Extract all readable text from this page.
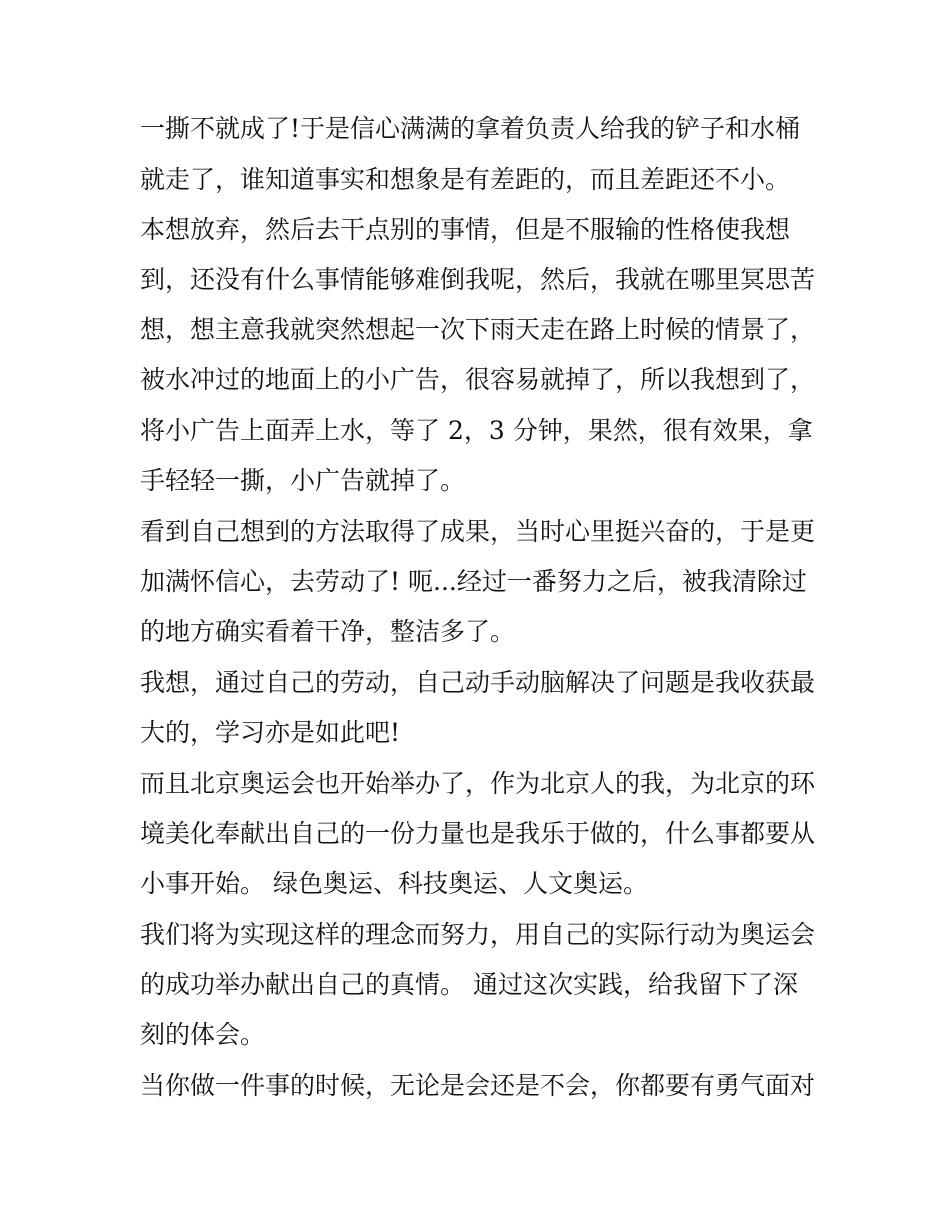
一撕不就成了!于是信心满满的拿着负责人给我的铲子和水桶
就走了，谁知道事实和想象是有差距的，而且差距还不小。
本想放弃，然后去干点别的事情，但是不服输的性格使我想
到，还没有什么事情能够难倒我呢，然后，我就在哪里冥思苦
想，想主意我就突然想起一次下雨天走在路上时候的情景了，
被水冲过的地面上的小广告，很容易就掉了，所以我想到了，
将小广告上面弄上水，等了 2，3 分钟，果然，很有效果，拿
手轻轻一撕，小广告就掉了。
看到自己想到的方法取得了成果，当时心里挺兴奋的，于是更
加满怀信心，去劳动了! 呃...经过一番努力之后，被我清除过
的地方确实看着干净，整洁多了。
我想，通过自己的劳动，自己动手动脑解决了问题是我收获最
大的，学习亦是如此吧!
而且北京奥运会也开始举办了，作为北京人的我，为北京的环
境美化奉献出自己的一份力量也是我乐于做的，什么事都要从
小事开始。 绿色奥运、科技奥运、人文奥运。
我们将为实现这样的理念而努力，用自己的实际行动为奥运会
的成功举办献出自己的真情。 通过这次实践，给我留下了深
刻的体会。
当你做一件事的时候，无论是会还是不会，你都要有勇气面对
